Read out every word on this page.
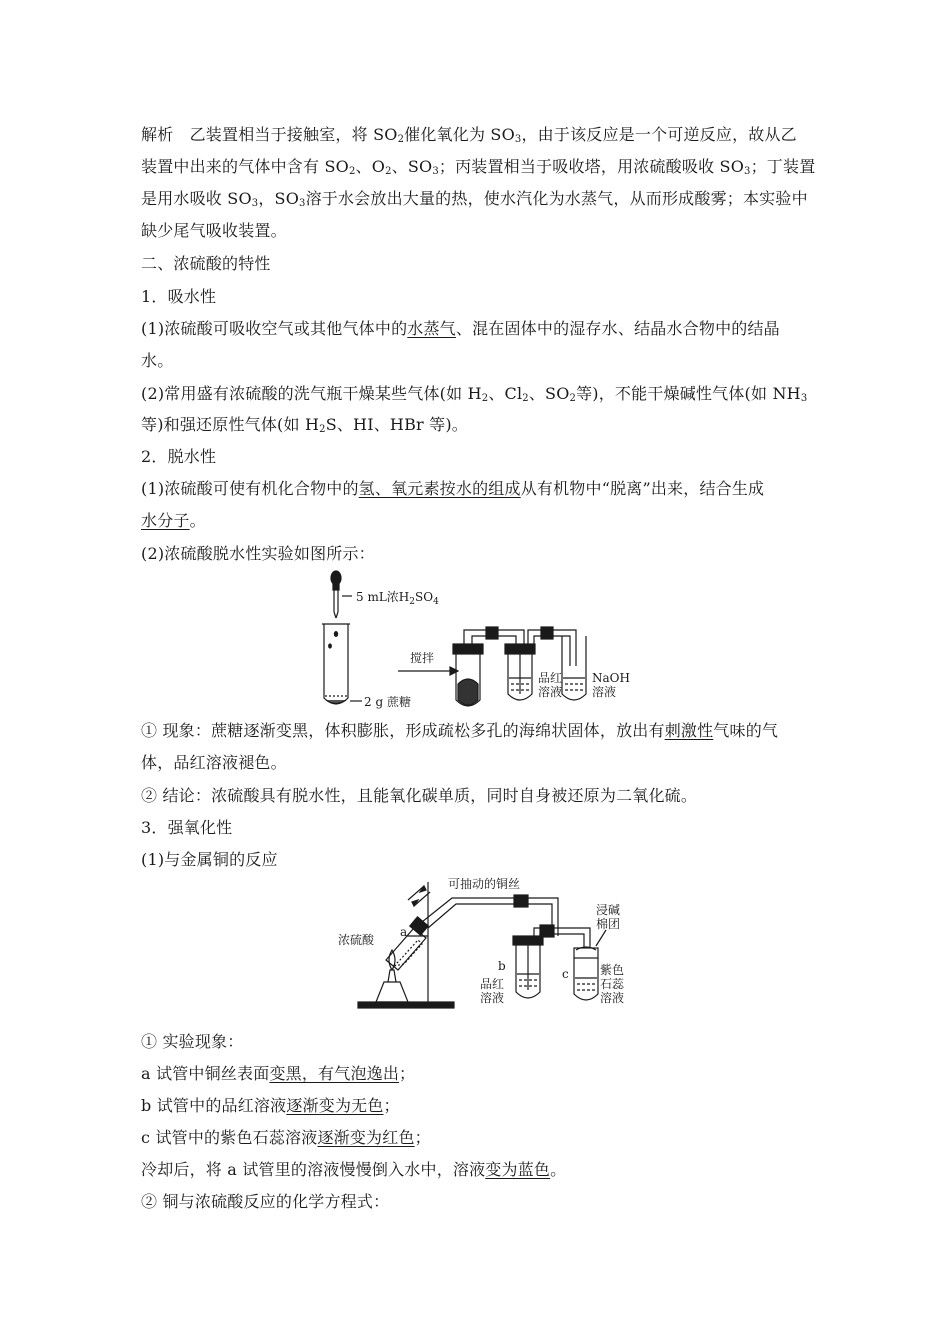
解析　乙装置相当于接触室，将 $SO_2$催化氧化为 $SO_3$，由于该反应是一个可逆反应，故从乙
装置中出来的气体中含有 $SO_2$、$O_2$、$SO_3$；丙装置相当于吸收塔，用浓硫酸吸收 $SO_3$；丁装置
是用水吸收 $SO_3$，$SO_3$溶于水会放出大量的热，使水汽化为水蒸气，从而形成酸雾；本实验中
缺少尾气吸收装置。
二、浓硫酸的特性
1．吸水性
(1)浓硫酸可吸收空气或其他气体中的水蒸气、混在固体中的湿存水、结晶水合物中的结晶
水。
(2)常用盛有浓硫酸的洗气瓶干燥某些气体(如 $H_2$、$Cl_2$、$SO_2$等)，不能干燥碱性气体(如 $NH_3$
等)和强还原性气体(如 $H_2S$、HI、HBr 等)。
2．脱水性
(1)浓硫酸可使有机化合物中的氢、氧元素按水的组成从有机物中“脱离”出来，结合生成
水分子。
(2)浓硫酸脱水性实验如图所示：
5 mL浓$H_2SO_4$
2 g 蔗糖
搅拌
品红
溶液
NaOH
溶液
① 现象：蔗糖逐渐变黑，体积膨胀，形成疏松多孔的海绵状固体，放出有刺激性气味的气
体，品红溶液褪色。
② 结论：浓硫酸具有脱水性，且能氧化碳单质，同时自身被还原为二氧化硫。
3．强氧化性
(1)与金属铜的反应
可抽动的铜丝
浓硫酸
a
b
品红
溶液
c
浸碱
棉团
紫色
石蕊
溶液
① 实验现象：
a 试管中铜丝表面变黑，有气泡逸出；
b 试管中的品红溶液逐渐变为无色；
c 试管中的紫色石蕊溶液逐渐变为红色；
冷却后，将 a 试管里的溶液慢慢倒入水中，溶液变为蓝色。
② 铜与浓硫酸反应的化学方程式：
